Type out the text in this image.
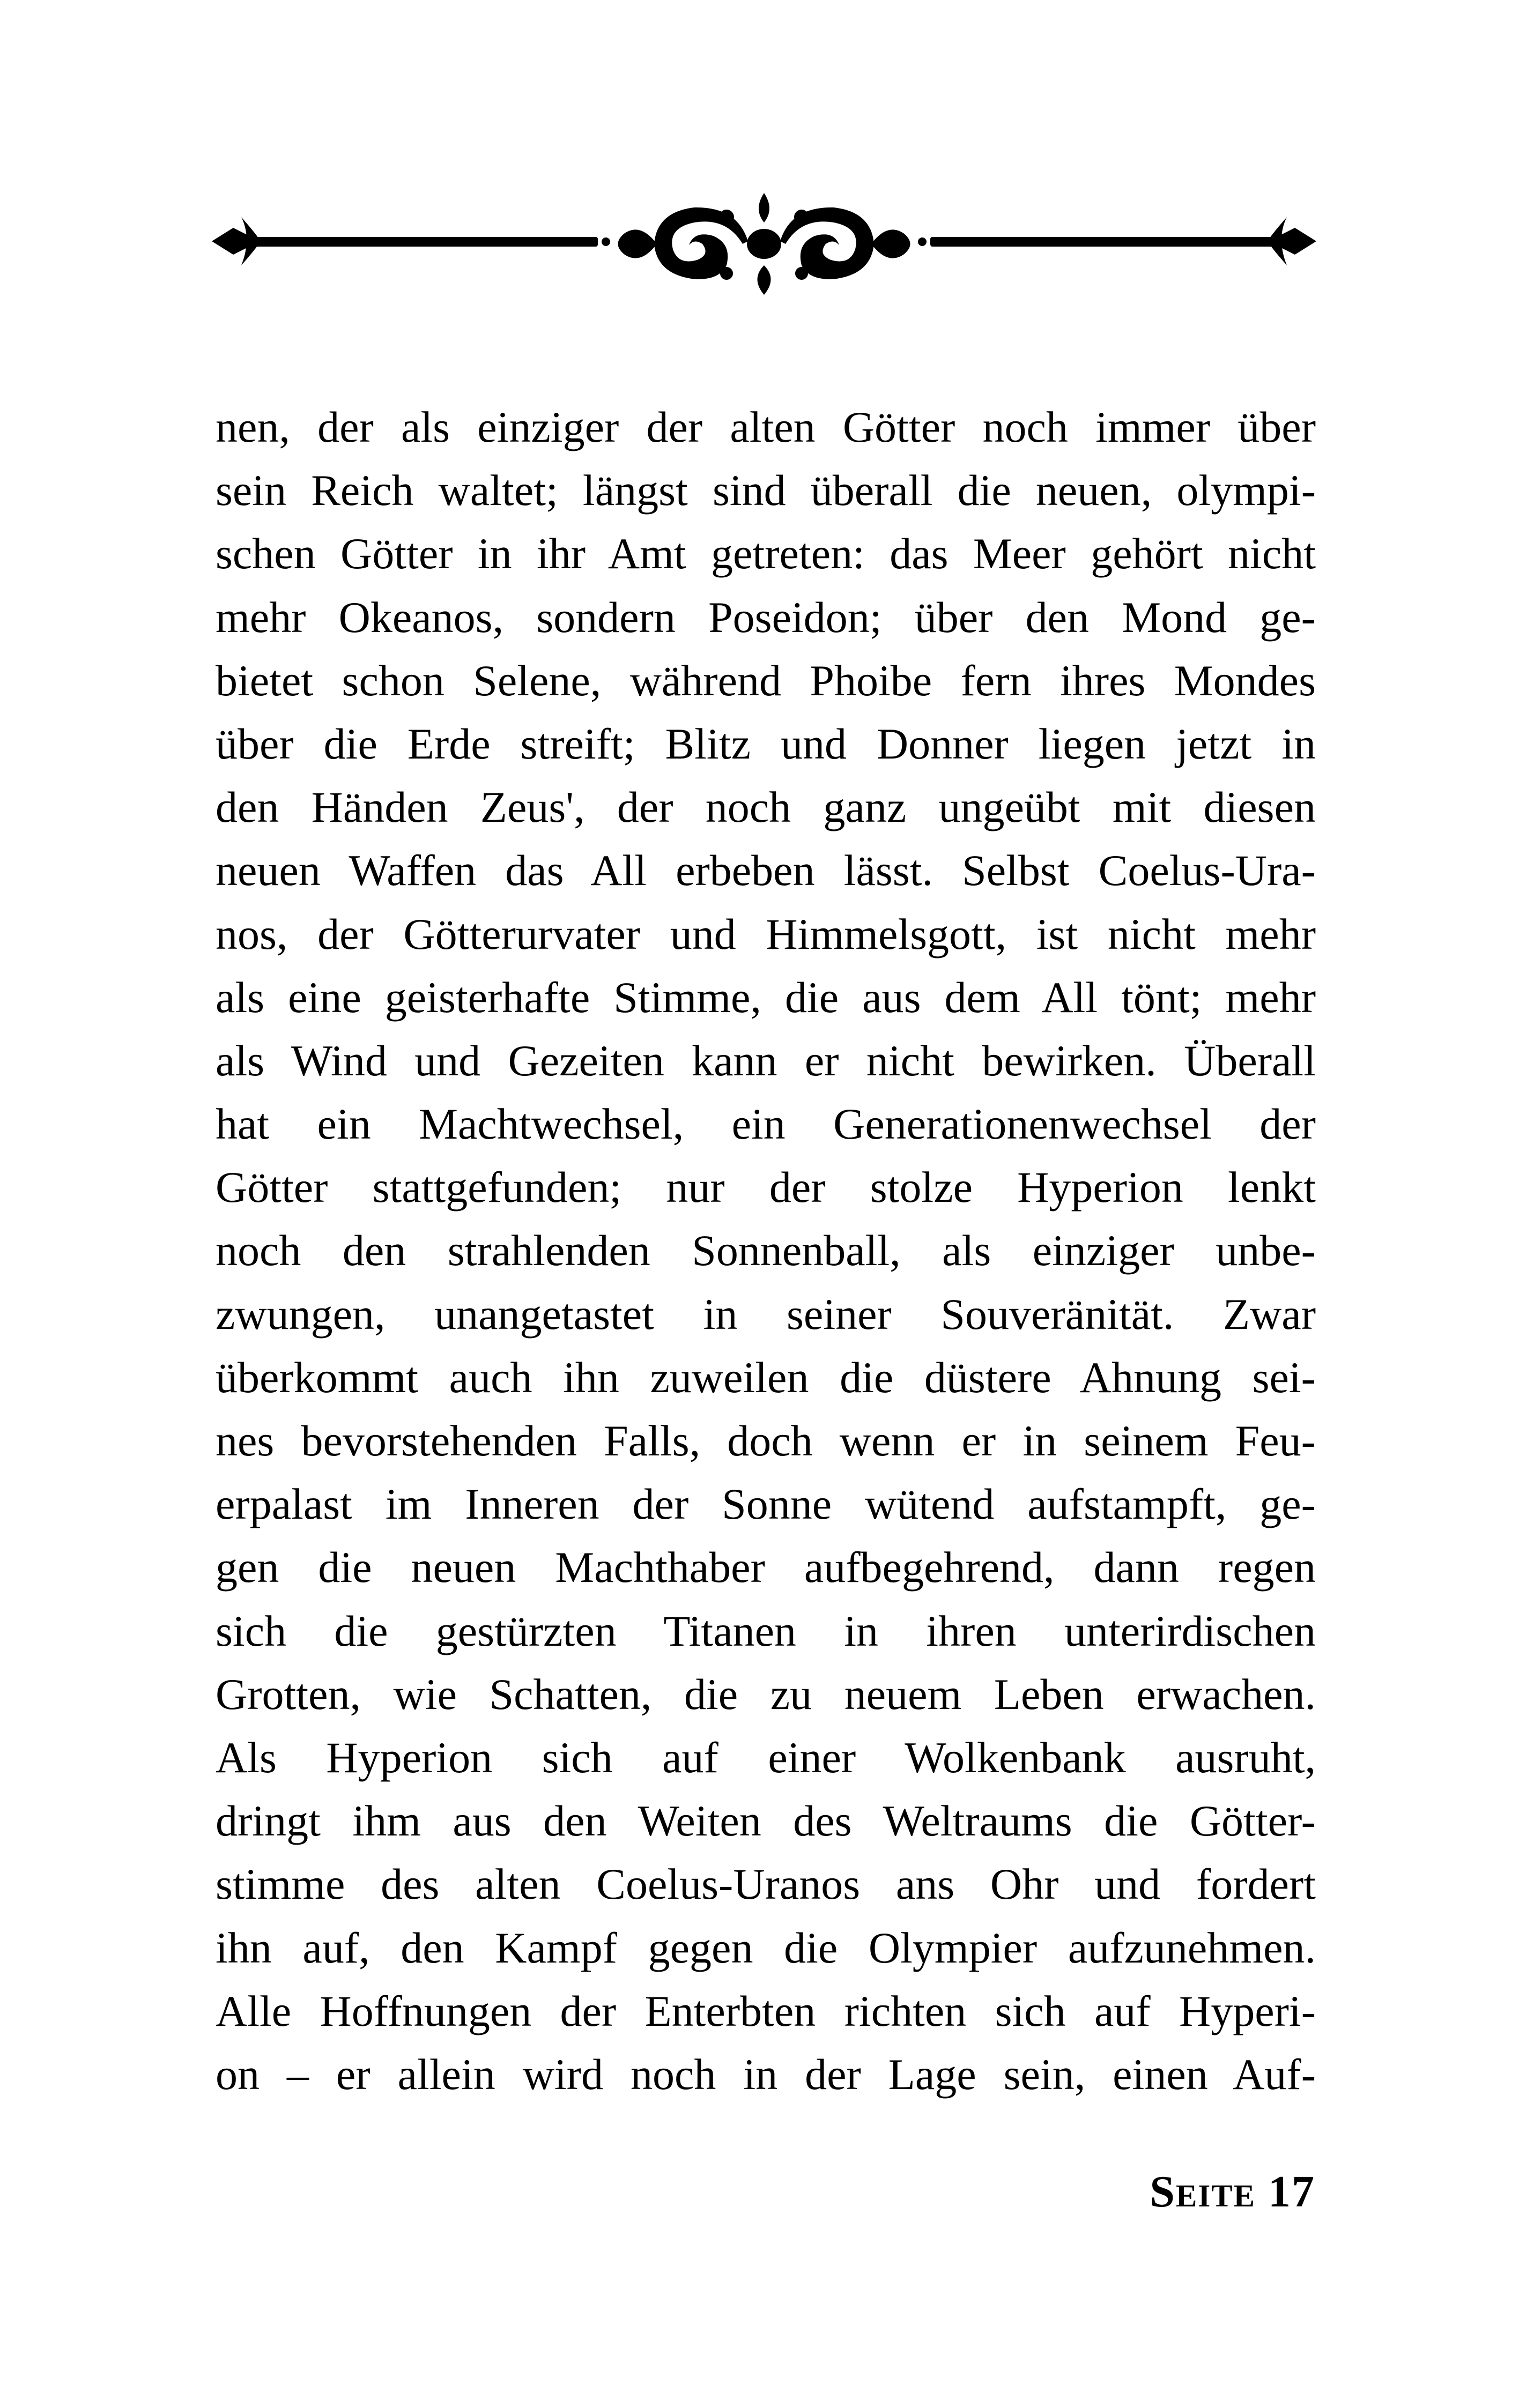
nen, der als einziger der alten Götter noch immer über
sein Reich waltet; längst sind überall die neuen, olympi-
schen Götter in ihr Amt getreten: das Meer gehört nicht
mehr Okeanos, sondern Poseidon; über den Mond ge-
bietet schon Selene, während Phoibe fern ihres Mondes
über die Erde streift; Blitz und Donner liegen jetzt in
den Händen Zeus', der noch ganz ungeübt mit diesen
neuen Waffen das All erbeben lässt. Selbst Coelus-Ura-
nos, der Götterurvater und Himmelsgott, ist nicht mehr
als eine geisterhafte Stimme, die aus dem All tönt; mehr
als Wind und Gezeiten kann er nicht bewirken. Überall
hat ein Machtwechsel, ein Generationenwechsel der
Götter stattgefunden; nur der stolze Hyperion lenkt
noch den strahlenden Sonnenball, als einziger unbe-
zwungen, unangetastet in seiner Souveränität. Zwar
überkommt auch ihn zuweilen die düstere Ahnung sei-
nes bevorstehenden Falls, doch wenn er in seinem Feu-
erpalast im Inneren der Sonne wütend aufstampft, ge-
gen die neuen Machthaber aufbegehrend, dann regen
sich die gestürzten Titanen in ihren unterirdischen
Grotten, wie Schatten, die zu neuem Leben erwachen.
Als Hyperion sich auf einer Wolkenbank ausruht,
dringt ihm aus den Weiten des Weltraums die Götter-
stimme des alten Coelus-Uranos ans Ohr und fordert
ihn auf, den Kampf gegen die Olympier aufzunehmen.
Alle Hoffnungen der Enterbten richten sich auf Hyperi-
on – er allein wird noch in der Lage sein, einen Auf-
Seite 17
